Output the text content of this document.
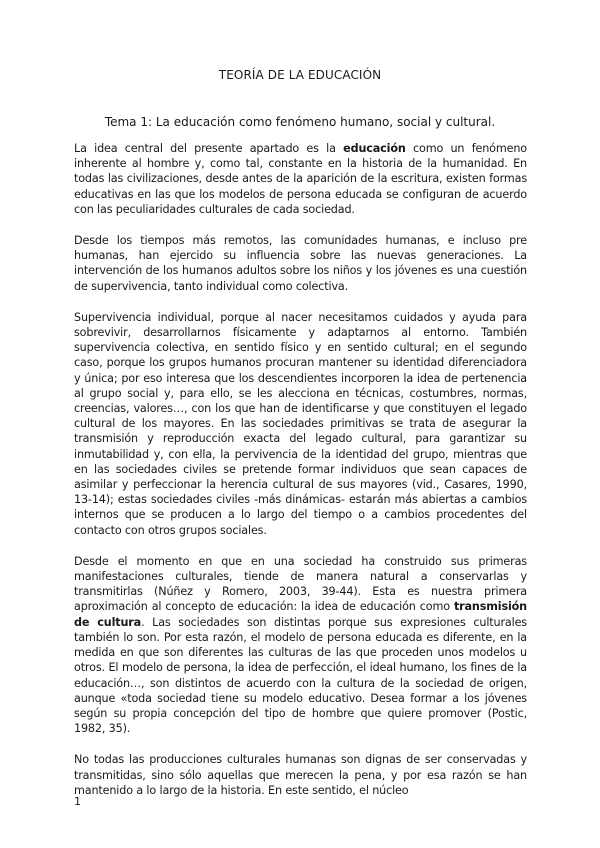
TEORÍA DE LA EDUCACIÓN
Tema 1: La educación como fenómeno humano, social y cultural.

La idea central del presente apartado es la educación como un fenómeno inherente al hombre y, como tal, constante en la historia de la humanidad. En todas las civilizaciones, desde antes de la aparición de la escritura, existen formas educativas en las que los modelos de persona educada se configuran de acuerdo con las peculiaridades culturales de cada sociedad.

Desde los tiempos más remotos, las comunidades humanas, e incluso pre humanas, han ejercido su influencia sobre las nuevas generaciones. La intervención de los humanos adultos sobre los niños y los jóvenes es una cuestión de supervivencia, tanto individual como colectiva.

Supervivencia individual, porque al nacer necesitamos cuidados y ayuda para sobrevivir, desarrollarnos físicamente y adaptarnos al entorno. También supervivencia colectiva, en sentido físico y en sentido cultural; en el segundo caso, porque los grupos humanos procuran mantener su identidad diferenciadora y única; por eso interesa que los descendientes incorporen la idea de pertenencia al grupo social y, para ello, se les alecciona en técnicas, costumbres, normas, creencias, valores…, con los que han de identificarse y que constituyen el legado cultural de los mayores. En las sociedades primitivas se trata de asegurar la transmisión y reproducción exacta del legado cultural, para garantizar su inmutabilidad y, con ella, la pervivencia de la identidad del grupo, mientras que en las sociedades civiles se pretende formar individuos que sean capaces de asimilar y perfeccionar la herencia cultural de sus mayores (vid., Casares, 1990, 13-14); estas sociedades civiles -más dinámicas- estarán más abiertas a cambios internos que se producen a lo largo del tiempo o a cambios procedentes del contacto con otros grupos sociales.

Desde el momento en que en una sociedad ha construido sus primeras manifestaciones culturales, tiende de manera natural a conservarlas y transmitirlas (Núñez y Romero, 2003, 39-44). Esta es nuestra primera aproximación al concepto de educación: la idea de educación como transmisión de cultura. Las sociedades son distintas porque sus expresiones culturales también lo son. Por esta razón, el modelo de persona educada es diferente, en la medida en que son diferentes las culturas de las que proceden unos modelos u otros. El modelo de persona, la idea de perfección, el ideal humano, los fines de la educación…, son distintos de acuerdo con la cultura de la sociedad de origen, aunque «toda sociedad tiene su modelo educativo. Desea formar a los jóvenes según su propia concepción del tipo de hombre que quiere promover (Postic, 1982, 35).

No todas las producciones culturales humanas son dignas de ser conservadas y transmitidas, sino sólo aquellas que merecen la pena, y por esa razón se han mantenido a lo largo de la historia. En este sentido, el núcleo

1
